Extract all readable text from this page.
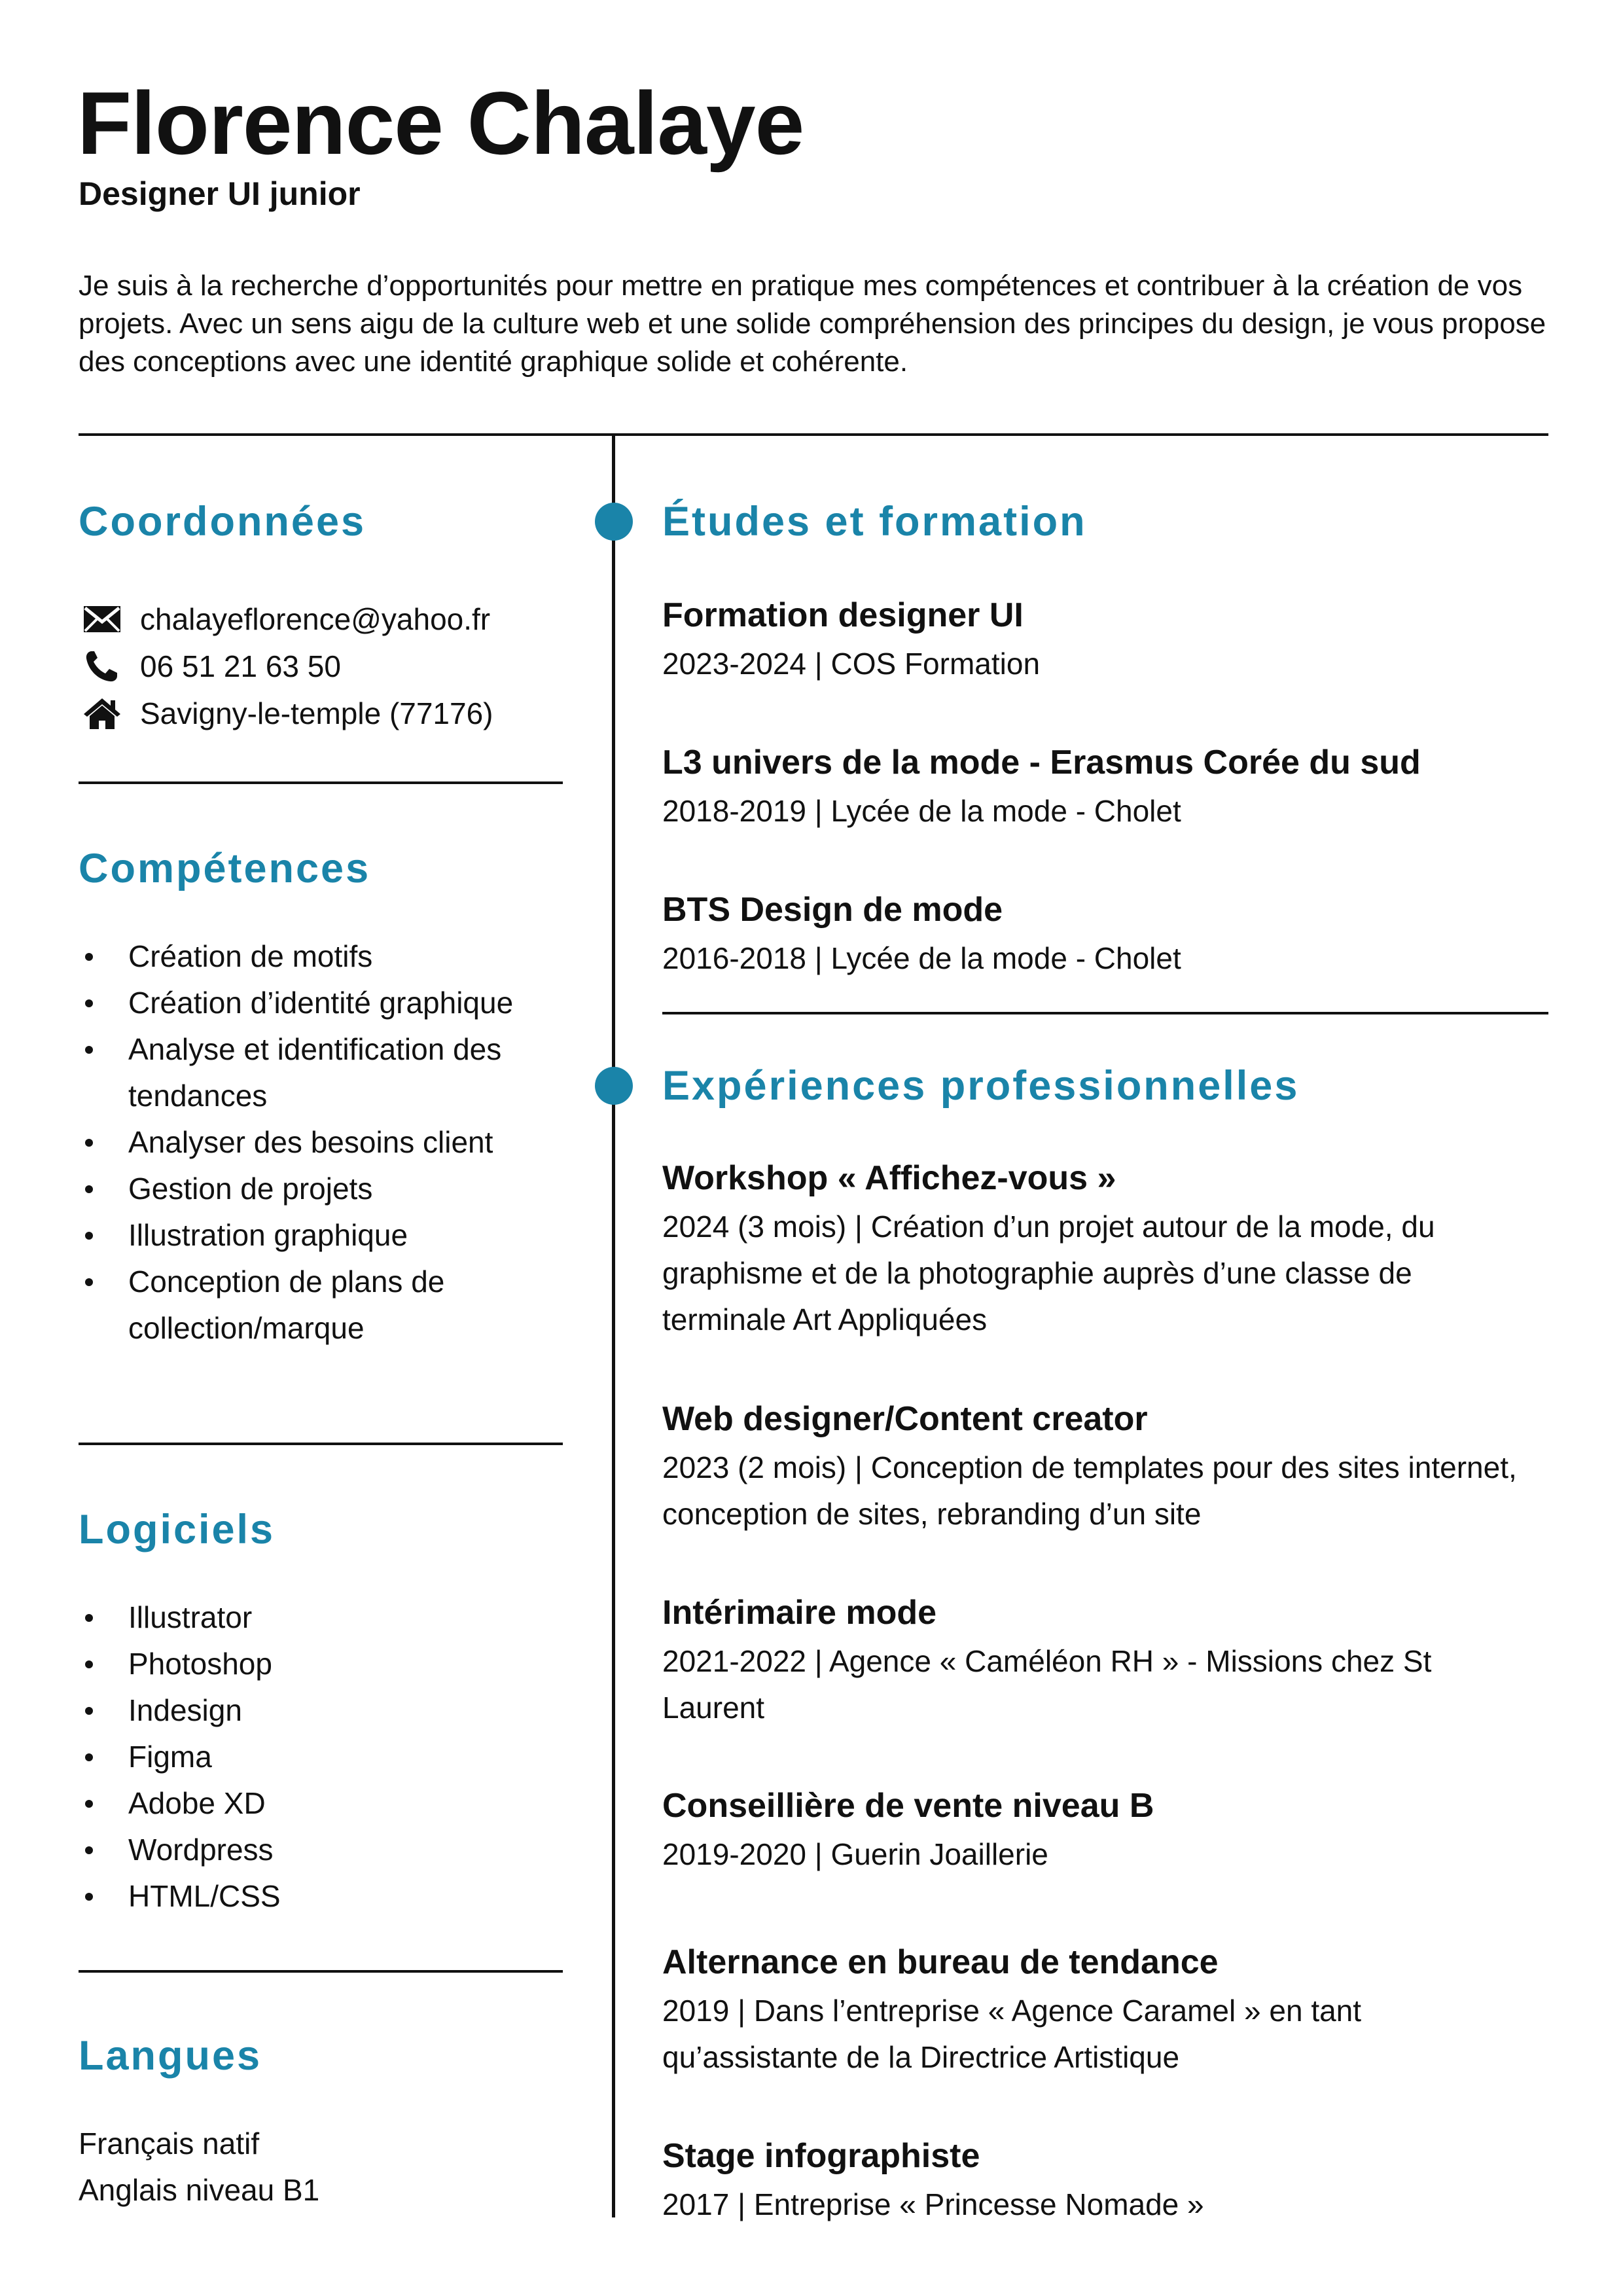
Florence Chalaye
Designer UI junior

Je suis à la recherche d’opportunités pour mettre en pratique mes compétences et contribuer à la création de vos projets. Avec un sens aigu de la culture web et une solide compréhension des principes du design, je vous propose des conceptions avec une identité graphique solide et cohérente.

Coordonnées
chalayeflorence@yahoo.fr
06 51 21 63 50
Savigny-le-temple (77176)
Compétences
Création de motifs
Création d’identité graphique
Analyse et identification des tendances
Analyser des besoins client
Gestion de projets
Illustration graphique
Conception de plans de collection/marque
Logiciels
Illustrator
Photoshop
Indesign
Figma
Adobe XD
Wordpress
HTML/CSS
Langues
Français natif
Anglais niveau B1
Études et formation
Formation designer UI
2023-2024 | COS Formation
L3 univers de la mode - Erasmus Corée du sud
2018-2019 | Lycée de la mode - Cholet
BTS Design de mode
2016-2018 | Lycée de la mode - Cholet
Expériences professionnelles
Workshop « Affichez-vous »
2024 (3 mois) | Création d’un projet autour de la mode, du graphisme et de la photographie auprès d’une classe de terminale Art Appliquées
Web designer/Content creator
2023 (2 mois) | Conception de templates pour des sites internet, conception de sites, rebranding d’un site
Intérimaire mode
2021-2022 | Agence « Caméléon RH » - Missions chez St Laurent
Conseillière de vente niveau B
2019-2020 | Guerin Joaillerie
Alternance en bureau de tendance
2019 | Dans l’entreprise « Agence Caramel » en tant qu’assistante de la Directrice Artistique
Stage infographiste
2017 | Entreprise « Princesse Nomade »
